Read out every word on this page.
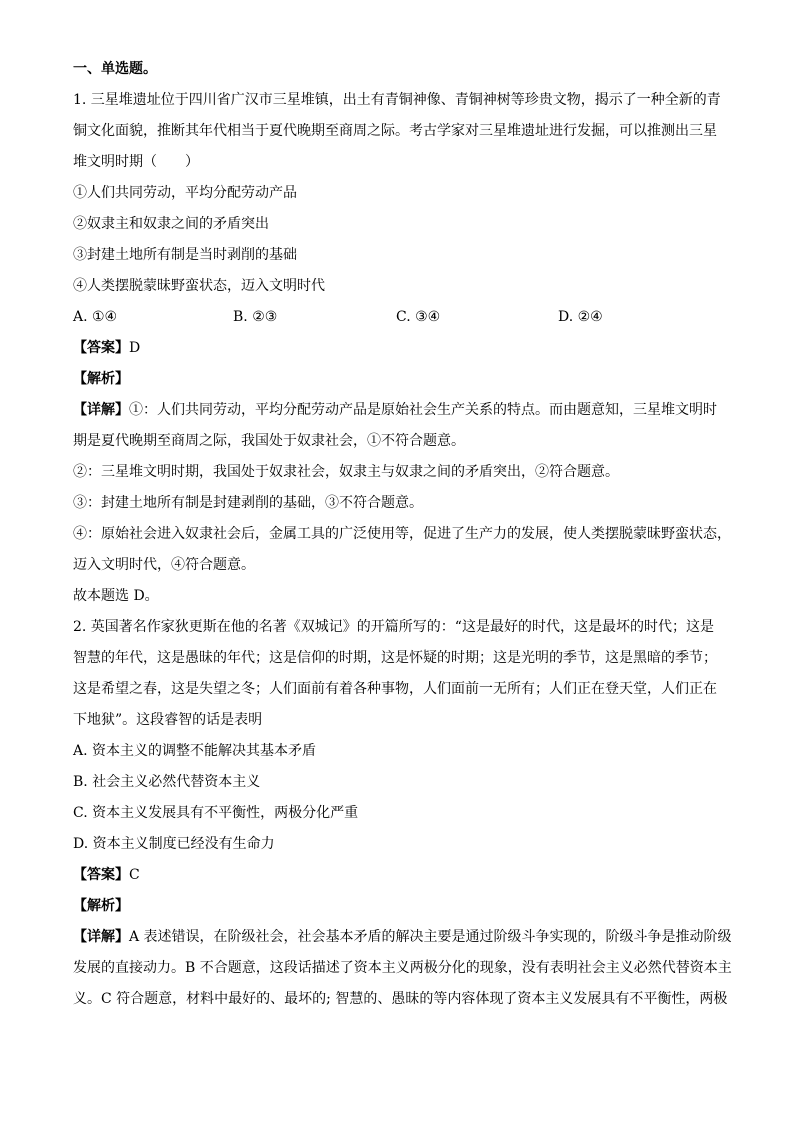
一、单选题。

1. 三星堆遗址位于四川省广汉市三星堆镇，出土有青铜神像、青铜神树等珍贵文物，揭示了一种全新的青

铜文化面貌，推断其年代相当于夏代晚期至商周之际。考古学家对三星堆遗址进行发掘，可以推测出三星

堆文明时期（　　）

①人们共同劳动，平均分配劳动产品

②奴隶主和奴隶之间的矛盾突出

③封建土地所有制是当时剥削的基础

④人类摆脱蒙昧野蛮状态，迈入文明时代

A. ①④	B. ②③	C. ③④	D. ②④

【答案】D

【解析】

【详解】①：人们共同劳动，平均分配劳动产品是原始社会生产关系的特点。而由题意知，三星堆文明时

期是夏代晚期至商周之际，我国处于奴隶社会，①不符合题意。

②：三星堆文明时期，我国处于奴隶社会，奴隶主与奴隶之间的矛盾突出，②符合题意。

③：封建土地所有制是封建剥削的基础，③不符合题意。

④：原始社会进入奴隶社会后，金属工具的广泛使用等，促进了生产力的发展，使人类摆脱蒙昧野蛮状态，

迈入文明时代，④符合题意。

故本题选 D。

2. 英国著名作家狄更斯在他的名著《双城记》的开篇所写的：“这是最好的时代，这是最坏的时代；这是

智慧的年代，这是愚昧的年代；这是信仰的时期，这是怀疑的时期；这是光明的季节，这是黑暗的季节；

这是希望之春，这是失望之冬；人们面前有着各种事物，人们面前一无所有；人们正在登天堂，人们正在

下地狱”。这段睿智的话是表明

A. 资本主义的调整不能解决其基本矛盾

B. 社会主义必然代替资本主义

C. 资本主义发展具有不平衡性，两极分化严重

D. 资本主义制度已经没有生命力

【答案】C

【解析】

【详解】A 表述错误，在阶级社会，社会基本矛盾的解决主要是通过阶级斗争实现的，阶级斗争是推动阶级

发展的直接动力。B 不合题意，这段话描述了资本主义两极分化的现象，没有表明社会主义必然代替资本主

义。C 符合题意，材料中最好的、最坏的; 智慧的、愚昧的等内容体现了资本主义发展具有不平衡性，两极
